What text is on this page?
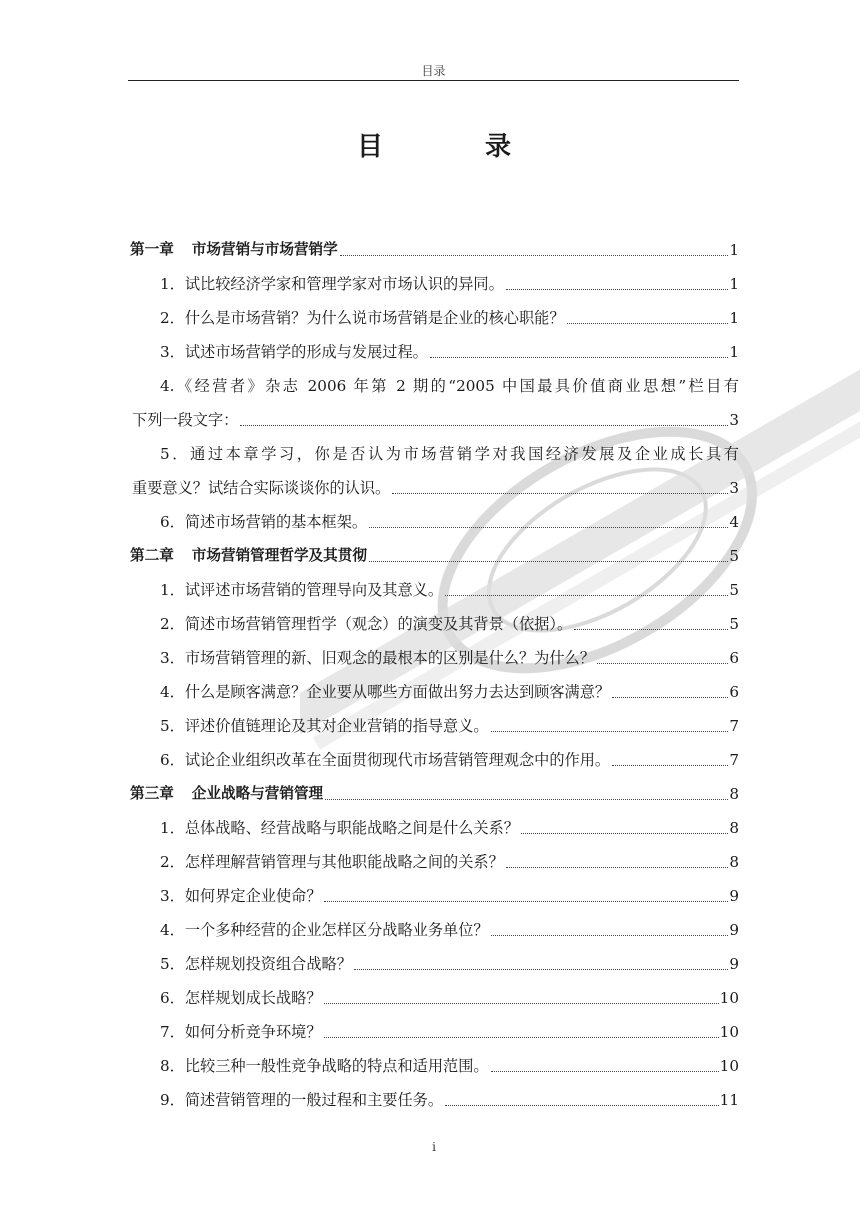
目录
目　录
第一章 市场营销与市场营销学	1
1．试比较经济学家和管理学家对市场认识的异同。	1
2．什么是市场营销？为什么说市场营销是企业的核心职能？	1
3．试述市场营销学的形成与发展过程。	1
4.《经营者》杂志 2006 年第 2 期的“2005 中国最具价值商业思想”栏目有
下列一段文字：	3
5．通过本章学习，你是否认为市场营销学对我国经济发展及企业成长具有
重要意义？试结合实际谈谈你的认识。	3
6．简述市场营销的基本框架。	4
第二章 市场营销管理哲学及其贯彻	5
1．试评述市场营销的管理导向及其意义。	5
2．简述市场营销管理哲学（观念）的演变及其背景（依据）。	5
3．市场营销管理的新、旧观念的最根本的区别是什么？为什么？	6
4．什么是顾客满意？企业要从哪些方面做出努力去达到顾客满意？	6
5．评述价值链理论及其对企业营销的指导意义。	7
6．试论企业组织改革在全面贯彻现代市场营销管理观念中的作用。	7
第三章 企业战略与营销管理	8
1．总体战略、经营战略与职能战略之间是什么关系？	8
2．怎样理解营销管理与其他职能战略之间的关系？	8
3．如何界定企业使命？	9
4．一个多种经营的企业怎样区分战略业务单位？	9
5．怎样规划投资组合战略？	9
6．怎样规划成长战略？	10
7．如何分析竞争环境？	10
8．比较三种一般性竞争战略的特点和适用范围。	10
9．简述营销管理的一般过程和主要任务。	11
i
